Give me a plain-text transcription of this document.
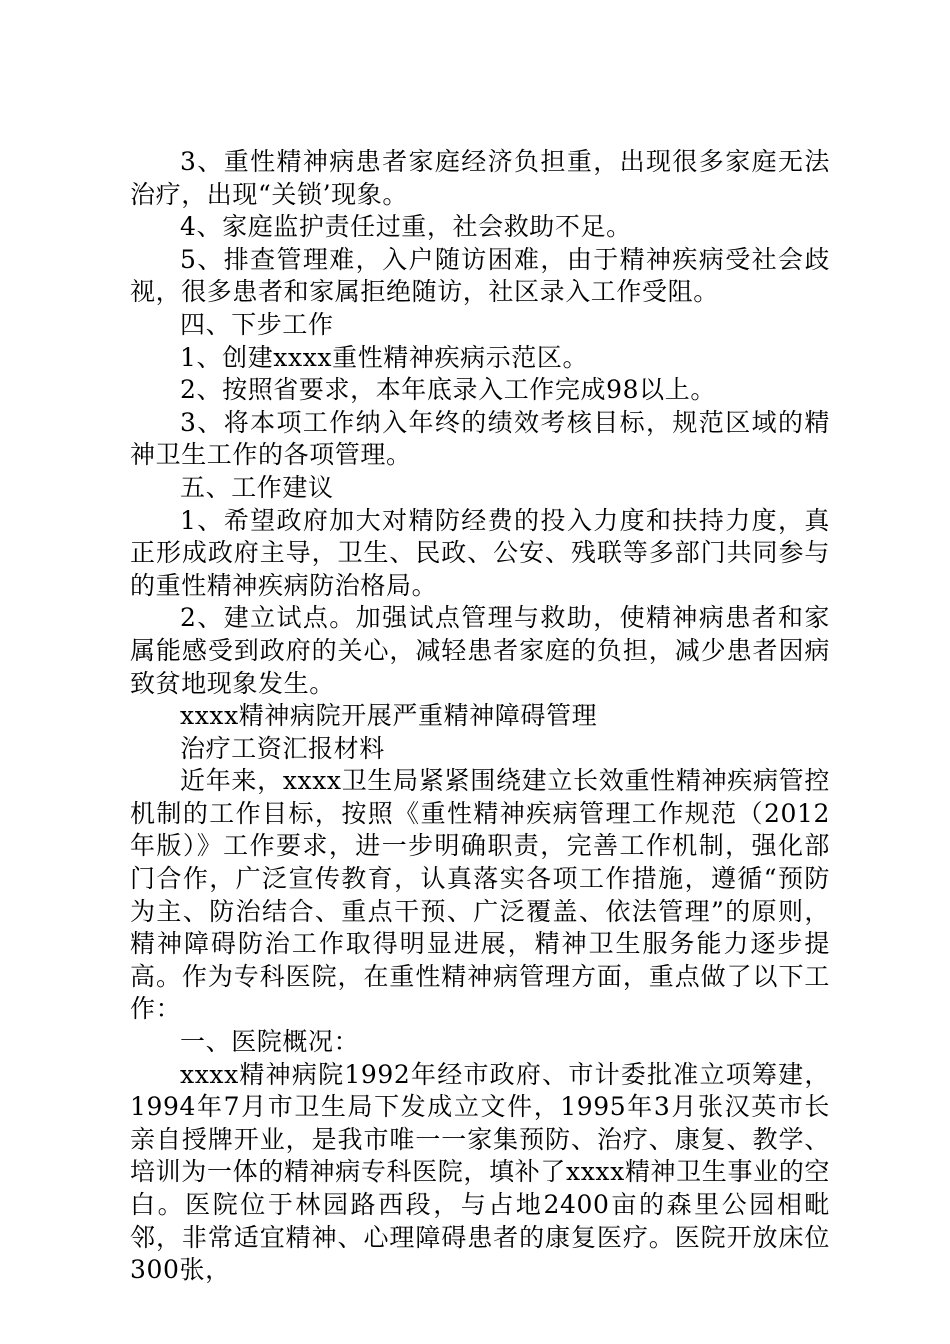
3、重性精神病患者家庭经济负担重，出现很多家庭无法治疗，出现“关锁’现象。

4、家庭监护责任过重，社会救助不足。

5、排查管理难，入户随访困难，由于精神疾病受社会歧视，很多患者和家属拒绝随访，社区录入工作受阻。

四、下步工作

1、创建xxxx重性精神疾病示范区。

2、按照省要求，本年底录入工作完成98以上。

3、将本项工作纳入年终的绩效考核目标，规范区域的精神卫生工作的各项管理。

五、工作建议

1、希望政府加大对精防经费的投入力度和扶持力度，真正形成政府主导，卫生、民政、公安、残联等多部门共同参与的重性精神疾病防治格局。

2、建立试点。加强试点管理与救助，使精神病患者和家属能感受到政府的关心，减轻患者家庭的负担，减少患者因病致贫地现象发生。

xxxx精神病院开展严重精神障碍管理

治疗工资汇报材料

近年来，xxxx卫生局紧紧围绕建立长效重性精神疾病管控机制的工作目标，按照《重性精神疾病管理工作规范（2012年版）》工作要求，进一步明确职责，完善工作机制，强化部门合作，广泛宣传教育，认真落实各项工作措施，遵循“预防为主、防治结合、重点干预、广泛覆盖、依法管理”的原则，精神障碍防治工作取得明显进展，精神卫生服务能力逐步提高。作为专科医院，在重性精神病管理方面，重点做了以下工作：

一、医院概况：

xxxx精神病院1992年经市政府、市计委批准立项筹建，1994年7月市卫生局下发成立文件，1995年3月张汉英市长亲自授牌开业，是我市唯一一家集预防、治疗、康复、教学、培训为一体的精神病专科医院，填补了xxxx精神卫生事业的空白。医院位于林园路西段，与占地2400亩的森里公园相毗邻，非常适宜精神、心理障碍患者的康复医疗。医院开放床位300张，
